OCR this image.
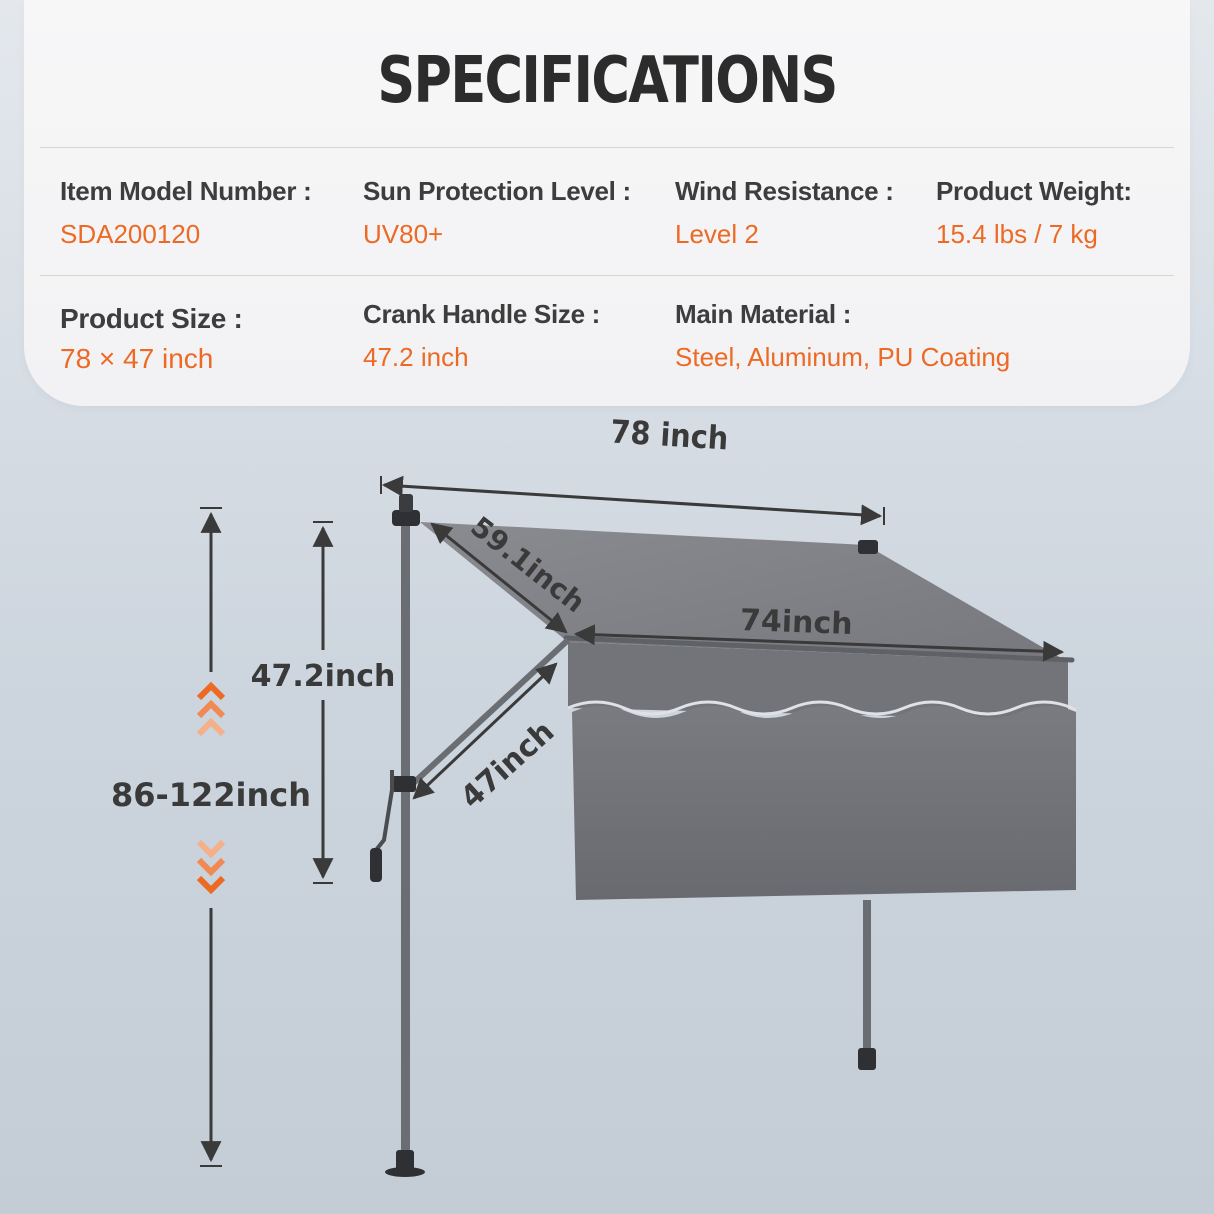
SPECIFICATIONS
Item Model Number :
SDA200120
Sun Protection Level :
UV80+
Wind Resistance :
Level 2
Product Weight:
15.4 lbs / 7 kg
Product Size :
78 × 47 inch
Crank Handle Size :
47.2 inch
Main Material :
Steel, Aluminum, PU Coating
78 inch
59.1inch
74inch
47.2inch
86-122inch	47inch
